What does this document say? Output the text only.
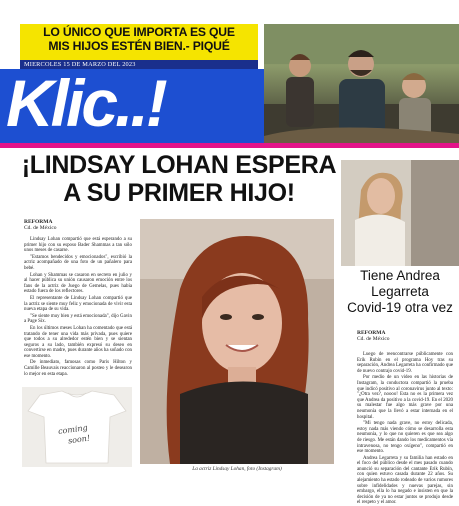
LO ÚNICO QUE IMPORTA ES QUE
MIS HIJOS ESTÉN BIEN.- PIQUÉ
MIERCOLES 15 DE MARZO DEL 2023
Klic..!
¡LINDSAY LOHAN ESPERA
A SU PRIMER HIJO!
REFORMA
Cd. de México

Lindsay Lohan compartió que está esperando a su primer hijo con su esposo Bader Shammas a tan sólo unos meses de casarse.

"Estamos bendecidos y emocionados", escribió la actriz acompañado de una foto de un pañalero para bebé.

Lohan y Shammas se casaron en secreto en julio y al hacer pública su unión causaron emoción entre los fans de la actriz de Juego de Gemelas, pues había estado fuera de los reflectores.

El representante de Lindsay Lohan compartió que la actriz se siente muy feliz y emocionada de vivir esta nueva etapa de su vida.

"Se siente muy bien y está emocionada", dijo Gavin a Page Six.

En los últimos meses Lohan ha comentado que está tratando de tener una vida más privada, pues quiere que todos a su alrededor estén bien y se sientan seguros a su lado, también expresó su deseo en convertirse en madre, pues durante años ha soñado con ese momento.

De inmediato, famosas como Paris Hilton y Camille Beauvais reaccionaron al posteo y le desearon lo mejor en esta etapa.

coming
soon!
La actriz Lindsay Lohan, foto (Instagram)
Tiene Andrea
Legarreta
Covid-19 otra vez
REFORMA
Cd. de México

Luego de reencontrarse públicamente con Erik Rubín en el programa Hoy tras su separación, Andrea Legarreta ha confirmado que de nuevo contrajo covid-19.

Por medio de un video en las historias de Instagram, la conductora compartió la prueba que indicó positivo al coronavirus junto al texto: "¿Otra vez?, noooo! Esta no es la primera vez que Andrea da positivo a la covid-19. En el 2020 su malestar fue algo más grave por una neumonía que la llevó a estar internada en el hospital.

"Mi tengo nada grave, no estoy delicada, estoy nada más viendo cómo se desarrolla esta neumonía, y lo que no quieren es que sea algo de riesgo. Me están dando los medicamentos vía intravenosa, no tengo oxígeno", compartió en ese momento.

Andrea Legarreta y su familia han estado en el foco del público desde el mes pasado cuando anunció su separación del cantante Erik Rubín, con quien estuvo casada durante 22 años. Su alejamiento ha estado rodeado de varios rumores sobre infidelidades y nuevas parejas, sin embargo, ella lo ha negado e insisten en que la decisión de ya no estar juntos se produjo desde el respeto y el amor.
